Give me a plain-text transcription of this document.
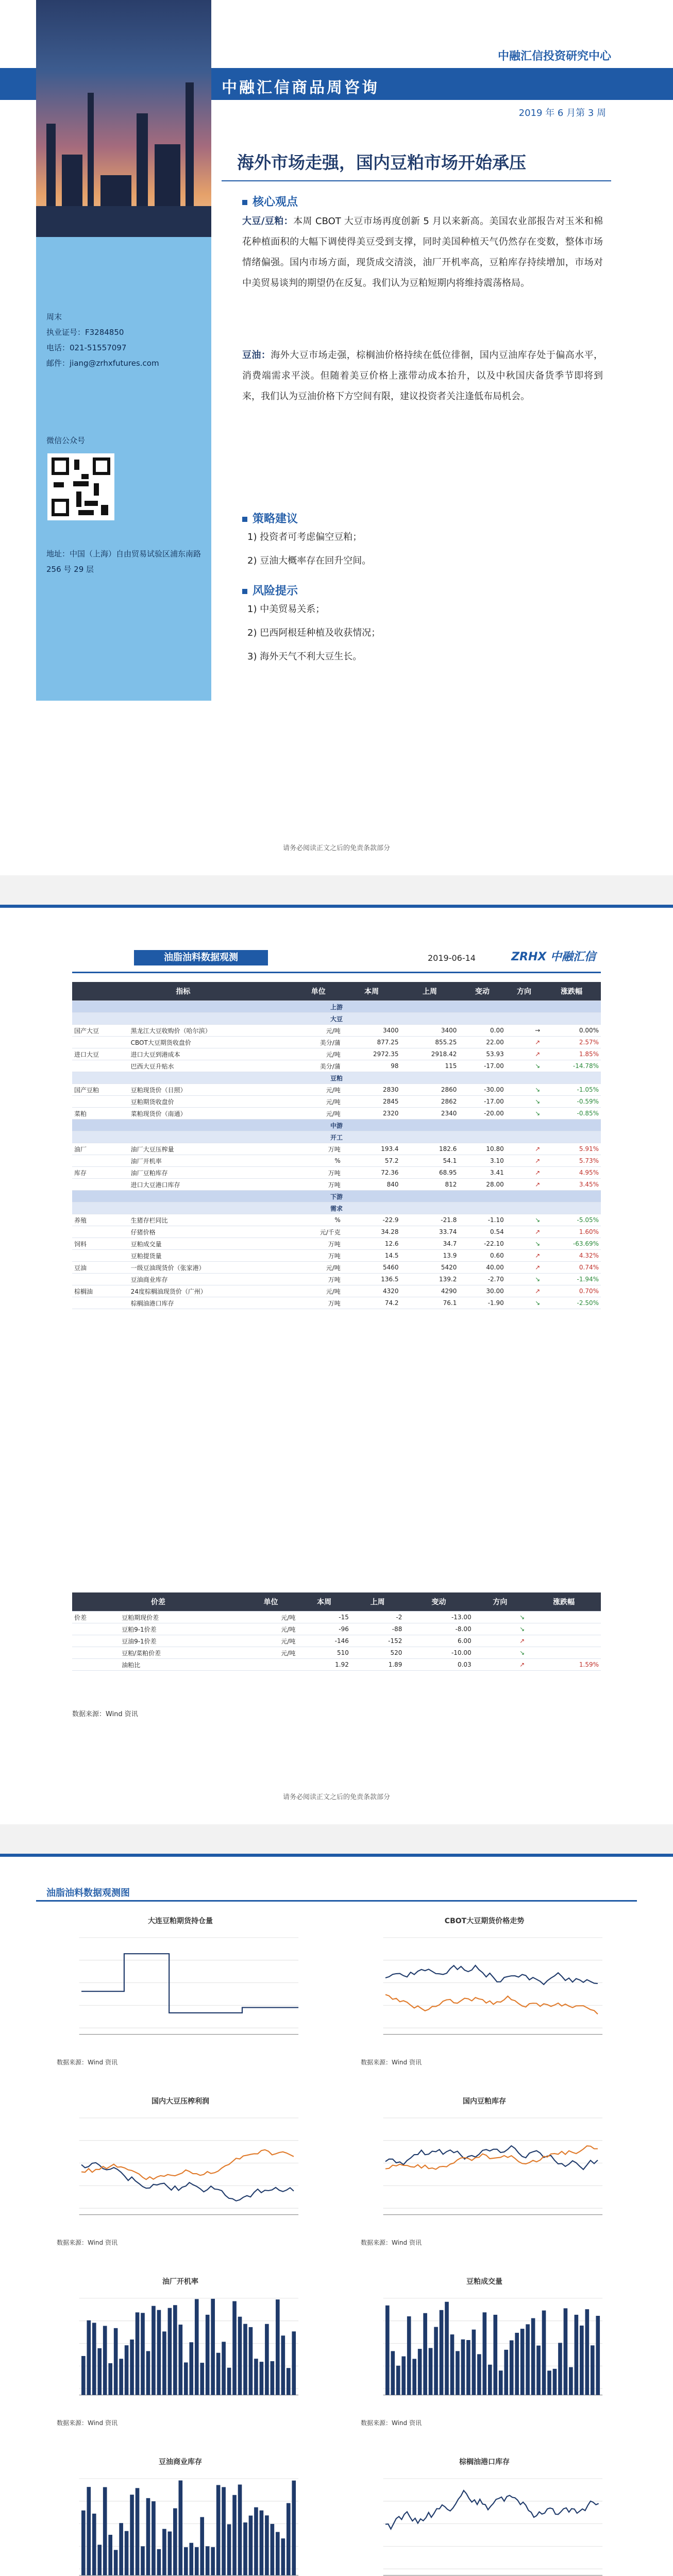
中融汇信投资研究中心
中融汇信商品周咨询
2019 年 6 月第 3 周
周末
执业证号：F3284850
电话：021-51557097
邮件：jiang@zrhxfutures.com
微信公众号
地址：中国（上海）自由贸易试验区浦东南路 256 号 29 层
海外市场走强，国内豆粕市场开始承压
核心观点
大豆/豆粕：本周 CBOT 大豆市场再度创新 5 月以来新高。美国农业部报告对玉米和棉花种植面积的大幅下调使得美豆受到支撑，同时美国种植天气仍然存在变数，整体市场情绪偏强。国内市场方面，现货成交清淡，油厂开机率高，豆粕库存持续增加，市场对中美贸易谈判的期望仍在反复。我们认为豆粕短期内将维持震荡格局。
豆油：海外大豆市场走强，棕榈油价格持续在低位徘徊，国内豆油库存处于偏高水平，消费端需求平淡。但随着美豆价格上涨带动成本抬升，以及中秋国庆备货季节即将到来，我们认为豆油价格下方空间有限，建议投资者关注逢低布局机会。
策略建议
1) 投资者可考虑偏空豆粕；
2) 豆油大概率存在回升空间。
风险提示
1) 中美贸易关系；
2) 巴西阿根廷种植及收获情况；
3) 海外天气不利大豆生长。
请务必阅读正文之后的免责条款部分
油脂油料数据观测	2019-06-14	ZRHX 中融汇信
指标		单位	本周	上周	变动	方向	涨跌幅
上游							
大豆							
国产大豆	黑龙江大豆收购价（哈尔滨）	元/吨	3400	3400	0.00	→	0.00%
	CBOT大豆期货收盘价	美分/蒲	877.25	855.25	22.00	↗	2.57%
进口大豆	进口大豆到港成本	元/吨	2972.35	2918.42	53.93	↗	1.85%
	巴西大豆升贴水	美分/蒲	98	115	-17.00	↘	-14.78%
豆粕							
国产豆粕	豆粕现货价（日照）	元/吨	2830	2860	-30.00	↘	-1.05%
	豆粕期货收盘价	元/吨	2845	2862	-17.00	↘	-0.59%
菜粕	菜粕现货价（南通）	元/吨	2320	2340	-20.00	↘	-0.85%
中游							
开工							
油厂	油厂大豆压榨量	万吨	193.4	182.6	10.80	↗	5.91%
	油厂开机率	%	57.2	54.1	3.10	↗	5.73%
库存	油厂豆粕库存	万吨	72.36	68.95	3.41	↗	4.95%
	进口大豆港口库存	万吨	840	812	28.00	↗	3.45%
下游							
需求							
养殖	生猪存栏同比	%	-22.9	-21.8	-1.10	↘	-5.05%
	仔猪价格	元/千克	34.28	33.74	0.54	↗	1.60%
饲料	豆粕成交量	万吨	12.6	34.7	-22.10	↘	-63.69%
	豆粕提货量	万吨	14.5	13.9	0.60	↗	4.32%
豆油	一级豆油现货价（张家港）	元/吨	5460	5420	40.00	↗	0.74%
	豆油商业库存	万吨	136.5	139.2	-2.70	↘	-1.94%
棕榈油	24度棕榈油现货价（广州）	元/吨	4320	4290	30.00	↗	0.70%
	棕榈油港口库存	万吨	74.2	76.1	-1.90	↘	-2.50%
价差		单位	本周	上周	变动	方向	涨跌幅
价差	豆粕期现价差	元/吨	-15	-2	-13.00	↘	
	豆粕9-1价差	元/吨	-96	-88	-8.00	↘	
	豆油9-1价差	元/吨	-146	-152	6.00	↗	
	豆粕/菜粕价差	元/吨	510	520	-10.00	↘	
	油粕比		1.92	1.89	0.03	↗	1.59%
数据来源：Wind 资讯
请务必阅读正文之后的免责条款部分
油脂油料数据观测图
大连豆粕期货持仓量
数据来源：Wind 资讯
CBOT大豆期货价格走势
数据来源：Wind 资讯
国内大豆压榨利润
数据来源：Wind 资讯
国内豆粕库存
数据来源：Wind 资讯
油厂开机率
数据来源：Wind 资讯
豆粕成交量
数据来源：Wind 资讯
豆油商业库存	棕榈油港口库存
